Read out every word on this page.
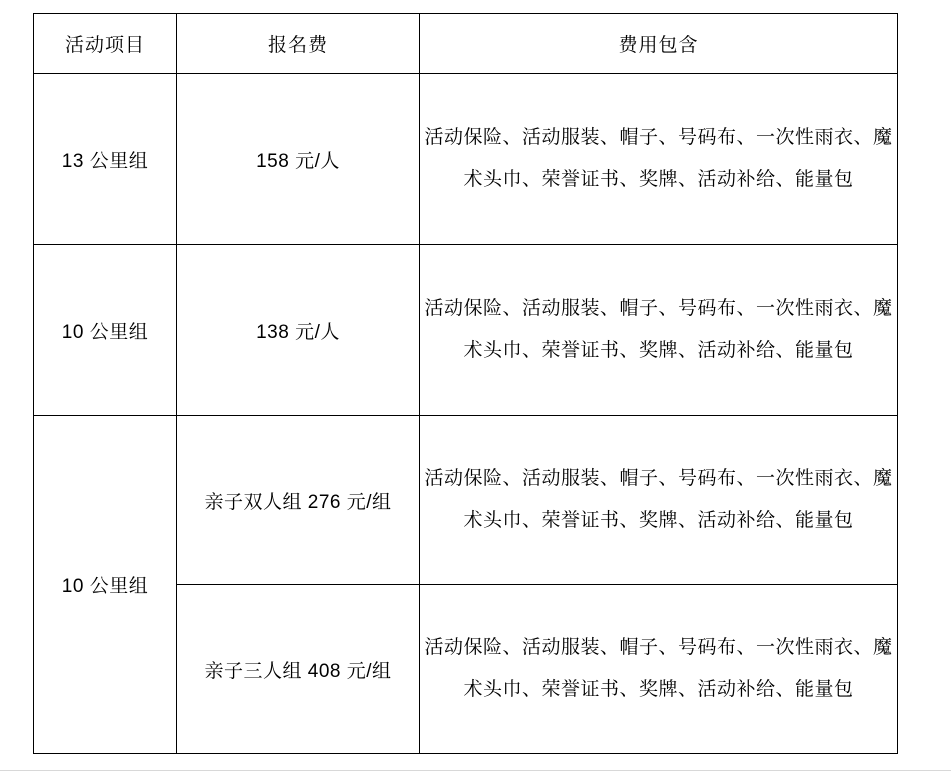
活动项目	报名费	费用包含
13 公里组	158 元/人	活动保险、活动服装、帽子、号码布、一次性雨衣、魔术头巾、荣誉证书、奖牌、活动补给、能量包
10 公里组	138 元/人	活动保险、活动服装、帽子、号码布、一次性雨衣、魔术头巾、荣誉证书、奖牌、活动补给、能量包
10 公里组	亲子双人组 276 元/组	活动保险、活动服装、帽子、号码布、一次性雨衣、魔术头巾、荣誉证书、奖牌、活动补给、能量包
	亲子三人组 408 元/组	活动保险、活动服装、帽子、号码布、一次性雨衣、魔术头巾、荣誉证书、奖牌、活动补给、能量包
